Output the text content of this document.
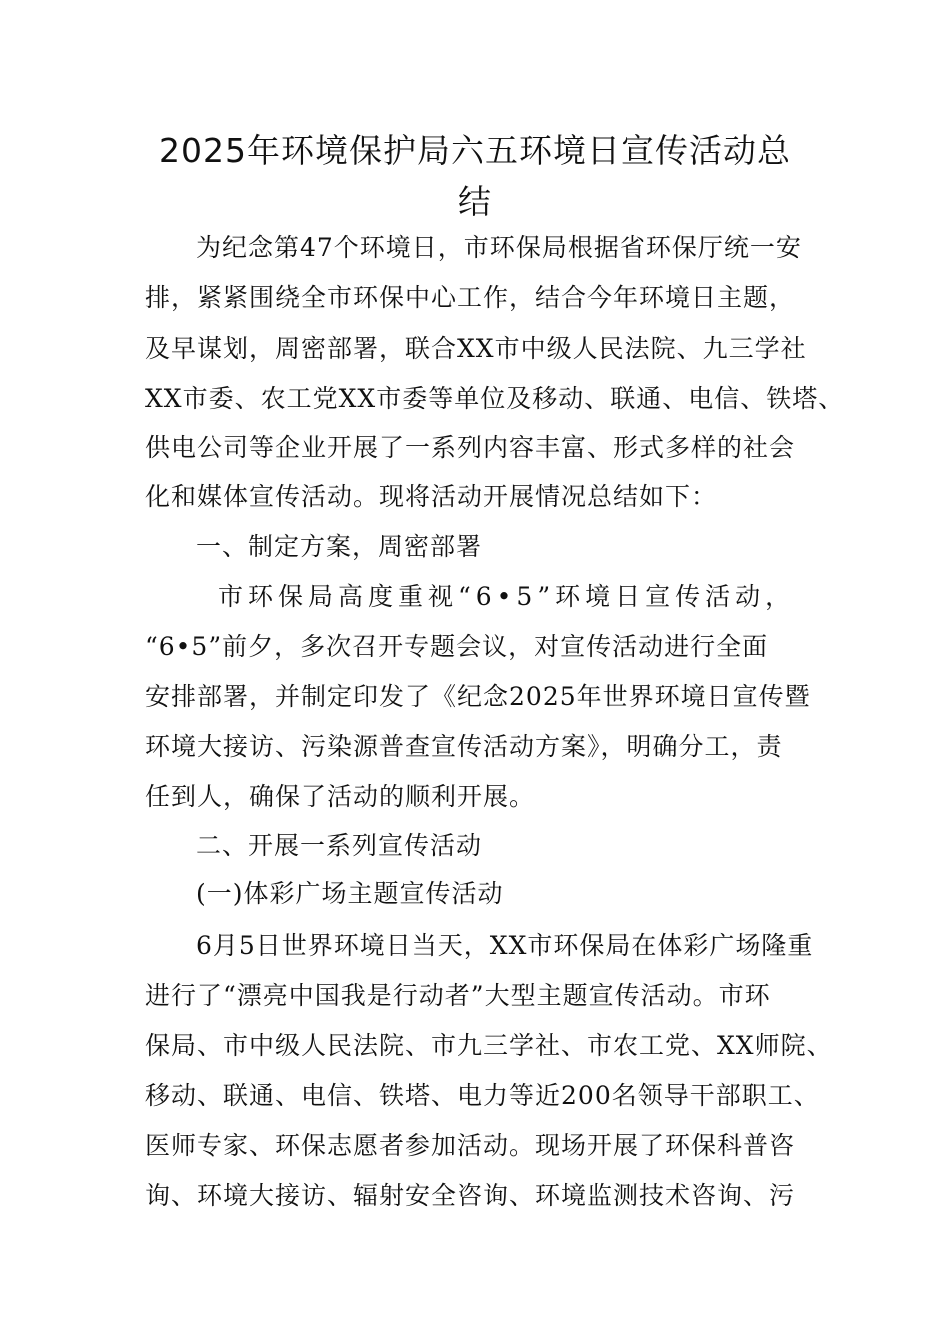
2025年环境保护局六五环境日宣传活动总
结
为纪念第47个环境日，市环保局根据省环保厅统一安
排，紧紧围绕全市环保中心工作，结合今年环境日主题，
及早谋划，周密部署，联合XX市中级人民法院、九三学社
XX市委、农工党XX市委等单位及移动、联通、电信、铁塔、
供电公司等企业开展了一系列内容丰富、形式多样的社会
化和媒体宣传活动。现将活动开展情况总结如下：
一、制定方案，周密部署
市环保局高度重视“6•5”环境日宣传活动，
“6•5”前夕，多次召开专题会议，对宣传活动进行全面
安排部署，并制定印发了《纪念2025年世界环境日宣传暨
环境大接访、污染源普查宣传活动方案》，明确分工，责
任到人，确保了活动的顺利开展。
二、开展一系列宣传活动
(一)体彩广场主题宣传活动
6月5日世界环境日当天，XX市环保局在体彩广场隆重
进行了“漂亮中国我是行动者”大型主题宣传活动。市环
保局、市中级人民法院、市九三学社、市农工党、XX师院、
移动、联通、电信、铁塔、电力等近200名领导干部职工、
医师专家、环保志愿者参加活动。现场开展了环保科普咨
询、环境大接访、辐射安全咨询、环境监测技术咨询、污
